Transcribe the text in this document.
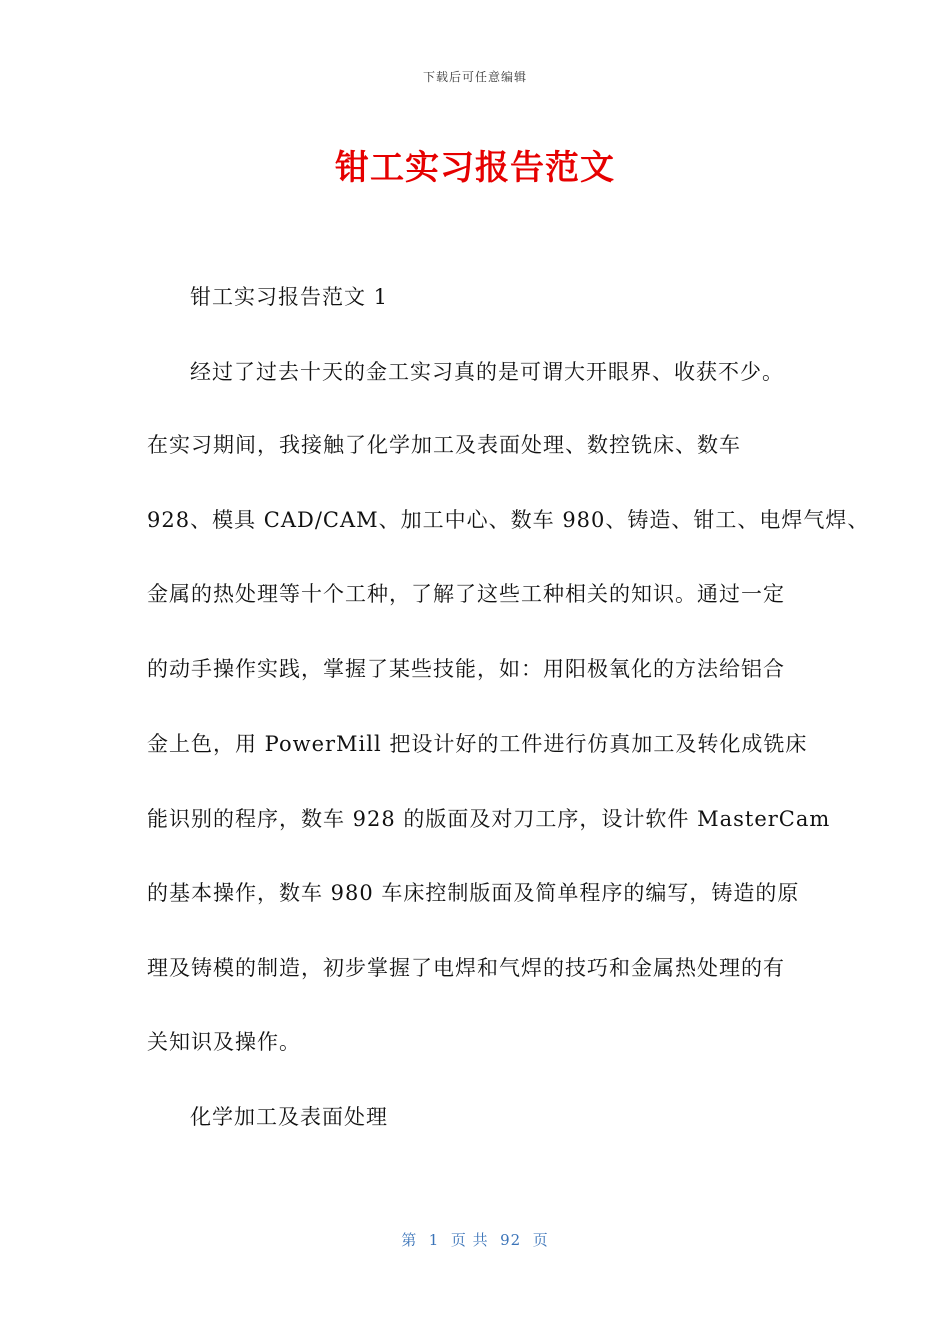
下载后可任意编辑
钳工实习报告范文
钳工实习报告范文 1
经过了过去十天的金工实习真的是可谓大开眼界、收获不少。
在实习期间，我接触了化学加工及表面处理、数控铣床、数车
928、模具 CAD/CAM、加工中心、数车 980、铸造、钳工、电焊气焊、
金属的热处理等十个工种，了解了这些工种相关的知识。通过一定
的动手操作实践，掌握了某些技能，如：用阳极氧化的方法给铝合
金上色，用 PowerMill 把设计好的工件进行仿真加工及转化成铣床
能识别的程序，数车 928 的版面及对刀工序，设计软件 MasterCam
的基本操作，数车 980 车床控制版面及简单程序的编写，铸造的原
理及铸模的制造，初步掌握了电焊和气焊的技巧和金属热处理的有
关知识及操作。
化学加工及表面处理
第  1  页 共  92  页
